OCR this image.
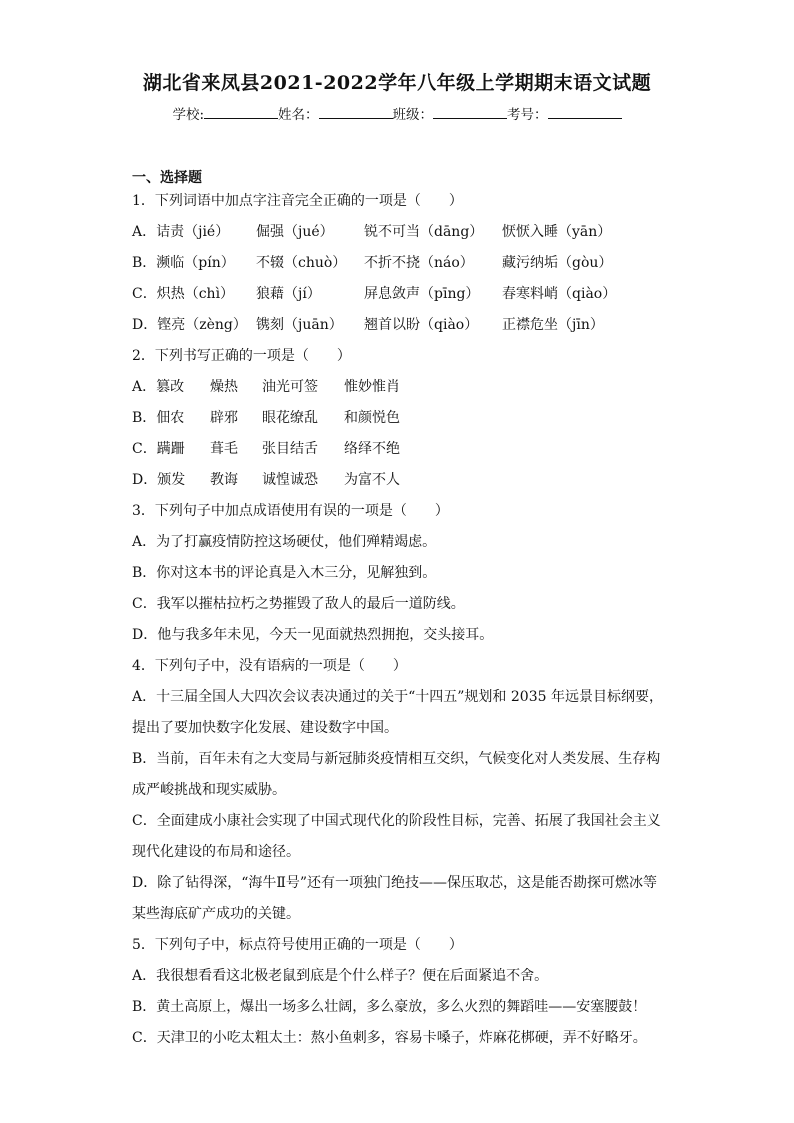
湖北省来凤县2021-2022学年八年级上学期期末语文试题
学校:	姓名：	班级：	考号：
一、选择题
1．下列词语中加点字注音完全正确的一项是（　　）
A．诘责（jié） 倔强（jué） 锐不可当（dāng） 恹恹入睡（yān）
B．濒临（pín） 不辍（chuò） 不折不挠（náo） 藏污纳垢（gòu）
C．炽热（chì） 狼藉（jí）	屏息敛声（pīng） 春寒料峭（qiào）
D．铿亮（zèng） 镌刻（juān） 翘首以盼（qiào） 正襟危坐（jīn）
2．下列书写正确的一项是（　　）
A．篡改 燥热 油光可签 惟妙惟肖
B．佃农 辟邪 眼花缭乱 和颜悦色
C．蹒跚 葺毛 张目结舌 络绎不绝
D．颁发 教诲 诚惶诚恐 为富不人
3．下列句子中加点成语使用有误的一项是（　　）
A．为了打赢疫情防控这场硬仗，他们殚精竭虑。
B．你对这本书的评论真是入木三分，见解独到。
C．我军以摧枯拉朽之势摧毁了敌人的最后一道防线。
D．他与我多年未见，今天一见面就热烈拥抱，交头接耳。
4．下列句子中，没有语病的一项是（　　）
A．十三届全国人大四次会议表决通过的关于“十四五”规划和 2035 年远景目标纲要，
提出了要加快数字化发展、建设数字中国。
B．当前，百年未有之大变局与新冠肺炎疫情相互交织，气候变化对人类发展、生存构
成严峻挑战和现实威胁。
C．全面建成小康社会实现了中国式现代化的阶段性目标，完善、拓展了我国社会主义
现代化建设的布局和途径。
D．除了钻得深，“海牛Ⅱ号”还有一项独门绝技——保压取芯，这是能否勘探可燃冰等
某些海底矿产成功的关键。
5．下列句子中，标点符号使用正确的一项是（　　）
A．我很想看看这北极老鼠到底是个什么样子？便在后面紧追不舍。
B．黄土高原上，爆出一场多么壮阔，多么豪放，多么火烈的舞蹈哇——安塞腰鼓！
C．天津卫的小吃太粗太土：熬小鱼刺多，容易卡嗓子，炸麻花梆硬，弄不好略牙。
